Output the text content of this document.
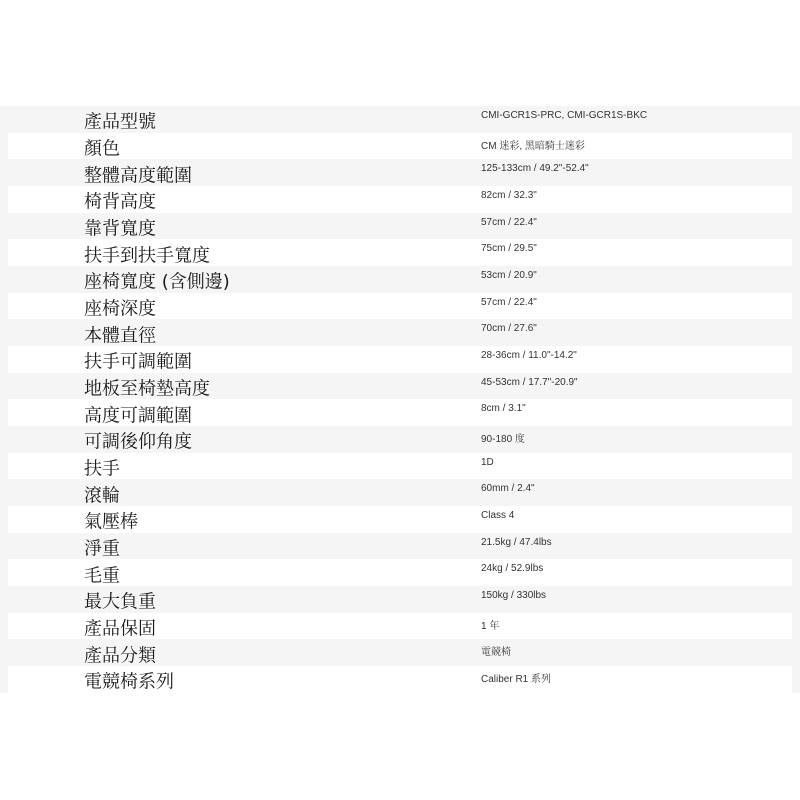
產品型號	CMI-GCR1S-PRC, CMI-GCR1S-BKC
顏色	CM 迷彩, 黑暗騎士迷彩
整體高度範圍	125-133cm / 49.2"-52.4"
椅背高度	82cm / 32.3"
靠背寬度	57cm / 22.4"
扶手到扶手寬度	75cm / 29.5"
座椅寬度 (含側邊)	53cm / 20.9"
座椅深度	57cm / 22.4"
本體直徑	70cm / 27.6"
扶手可調範圍	28-36cm / 11.0"-14.2"
地板至椅墊高度	45-53cm / 17.7"-20.9"
高度可調範圍	8cm / 3.1"
可調後仰角度	90-180 度
扶手	1D
滾輪	60mm / 2.4"
氣壓棒	Class 4
淨重	21.5kg / 47.4lbs
毛重	24kg / 52.9lbs
最大負重	150kg / 330lbs
產品保固	1 年
產品分類	電競椅
電競椅系列	Caliber R1 系列
